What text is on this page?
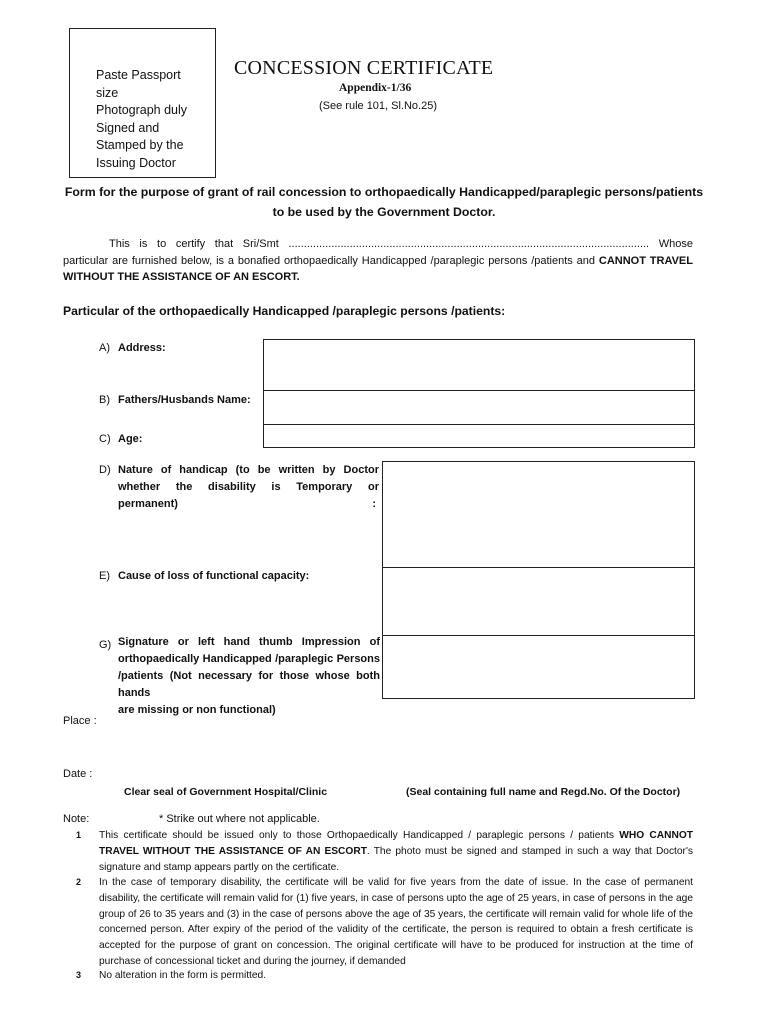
Paste Passport
size
Photograph duly
Signed and
Stamped by the
Issuing Doctor
CONCESSION CERTIFICATE
Appendix-1/36
(See rule 101, Sl.No.25)
Form for the purpose of grant of rail concession to orthopaedically Handicapped/paraplegic persons/patients
to be used by the Government Doctor.
This is to certify that Sri/Smt ...................................................................................................................... Whose particular are furnished below, is a bonafied orthopaedically Handicapped /paraplegic persons /patients and CANNOT TRAVEL WITHOUT THE ASSISTANCE OF AN ESCORT.
Particular of the orthopaedically Handicapped /paraplegic persons /patients:
A) Address:
B) Fathers/Husbands Name:
C) Age:
D) Nature of handicap (to be written by Doctor
whether the disability is Temporary or
permanent)	:
E) Cause of loss of functional capacity:
G) Signature or left hand thumb Impression of
orthopaedically Handicapped /paraplegic Persons
/patients (Not necessary for those whose both hands
are missing or non functional)
Place :
Date :
Clear seal of Government Hospital/Clinic	(Seal containing full name and Regd.No. Of the Doctor)
Note:	* Strike out where not applicable.
1 This certificate should be issued only to those Orthopaedically Handicapped / paraplegic persons / patients WHO CANNOT TRAVEL WITHOUT THE ASSISTANCE OF AN ESCORT. The photo must be signed and stamped in such a way that Doctor's signature and stamp appears partly on the certificate.
2 In the case of temporary disability, the certificate will be valid for five years from the date of issue. In the case of permanent disability, the certificate will remain valid for (1) five years, in case of persons upto the age of 25 years, in case of persons in the age group of 26 to 35 years and (3) in the case of persons above the age of 35 years, the certificate will remain valid for whole life of the concerned person. After expiry of the period of the validity of the certificate, the person is required to obtain a fresh certificate is accepted for the purpose of grant on concession. The original certificate will have to be produced for instruction at the time of purchase of concessional ticket and during the journey, if demanded
3 No alteration in the form is permitted.
